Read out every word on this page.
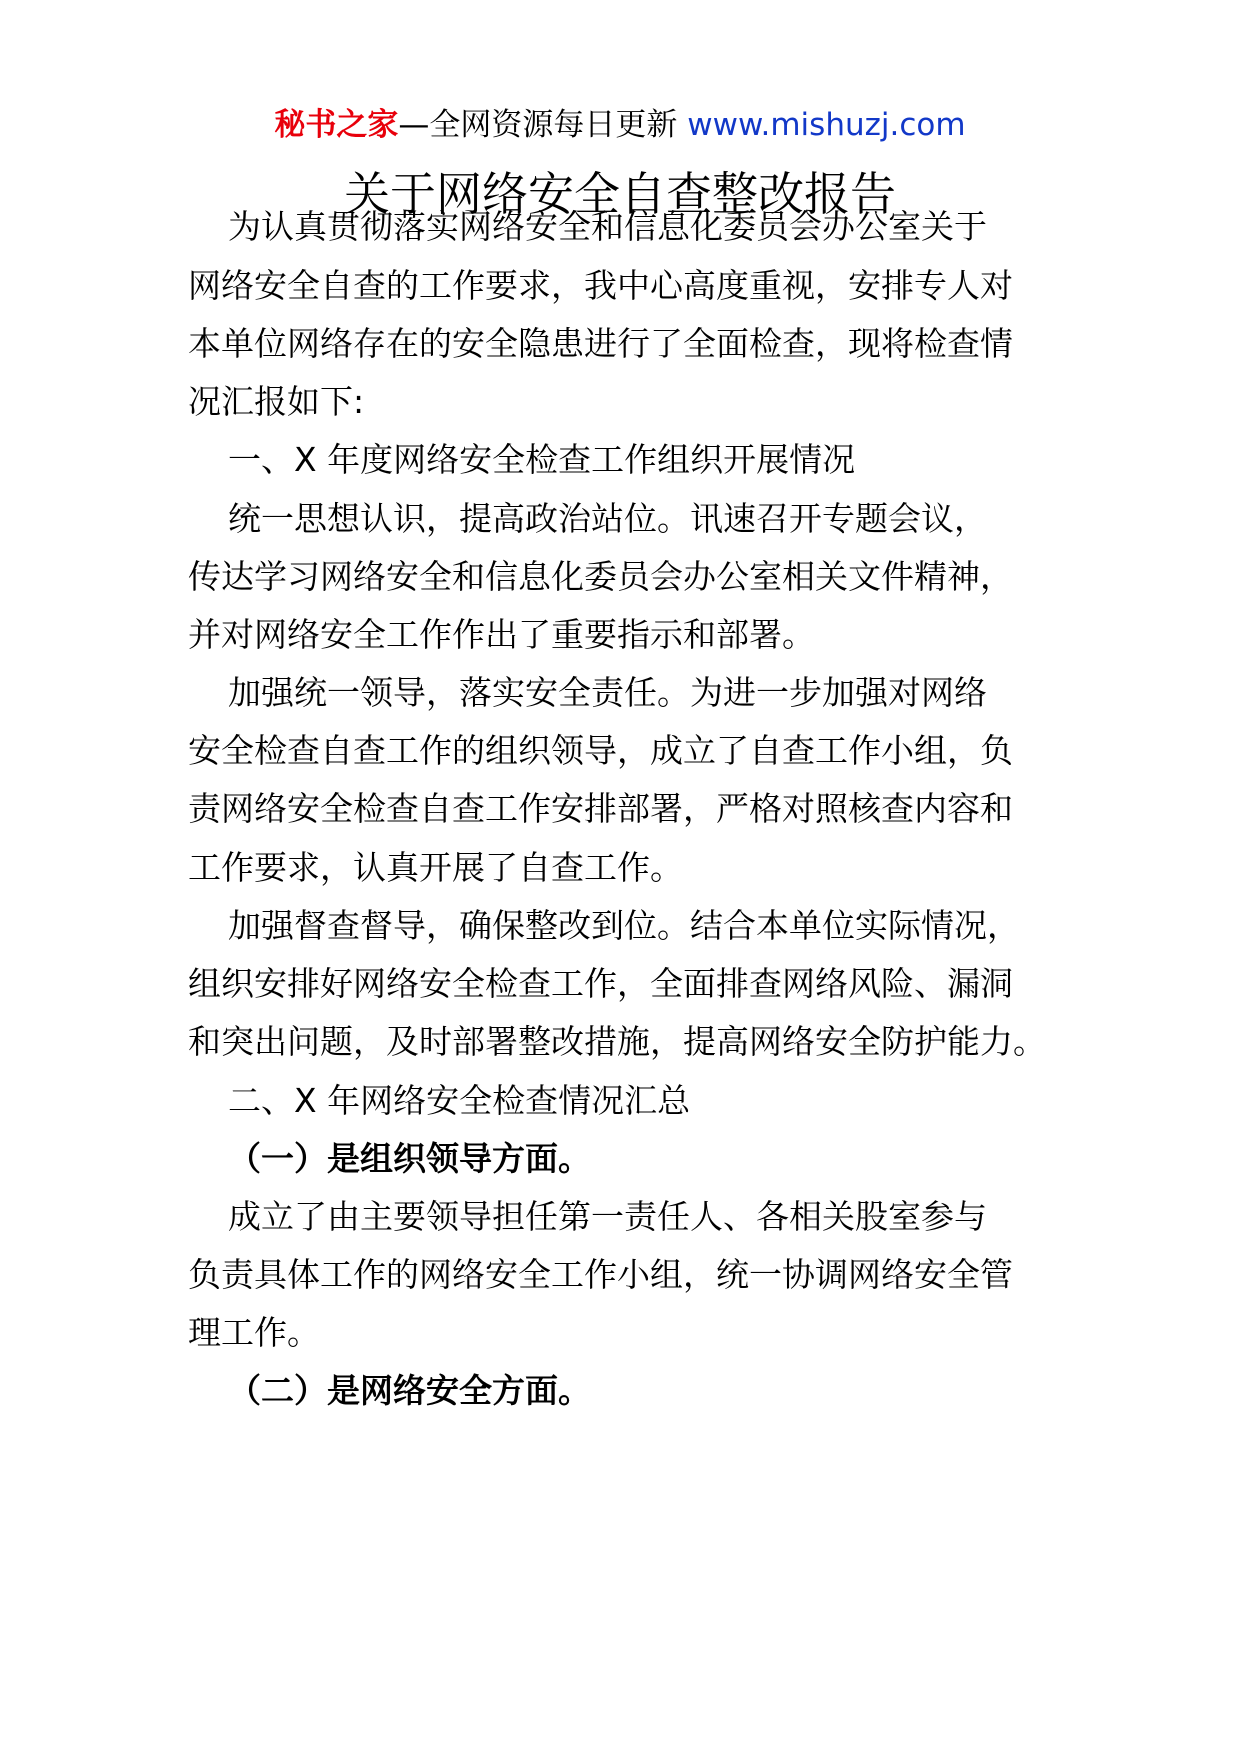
秘书之家—全网资源每日更新 www.mishuzj.com
关于网络安全自查整改报告
为认真贯彻落实网络安全和信息化委员会办公室关于
网络安全自查的工作要求，我中心高度重视，安排专人对
本单位网络存在的安全隐患进行了全面检查，现将检查情
况汇报如下:
一、X 年度网络安全检查工作组织开展情况
统一思想认识，提高政治站位。讯速召开专题会议，
传达学习网络安全和信息化委员会办公室相关文件精神，
并对网络安全工作作出了重要指示和部署。
加强统一领导，落实安全责任。为进一步加强对网络
安全检查自查工作的组织领导，成立了自查工作小组，负
责网络安全检查自查工作安排部署，严格对照核查内容和
工作要求，认真开展了自查工作。
加强督查督导，确保整改到位。结合本单位实际情况，
组织安排好网络安全检查工作，全面排查网络风险、漏洞
和突出问题，及时部署整改措施，提高网络安全防护能力。
二、X 年网络安全检查情况汇总
（一）是组织领导方面。
成立了由主要领导担任第一责任人、各相关股室参与
负责具体工作的网络安全工作小组，统一协调网络安全管
理工作。
（二）是网络安全方面。
